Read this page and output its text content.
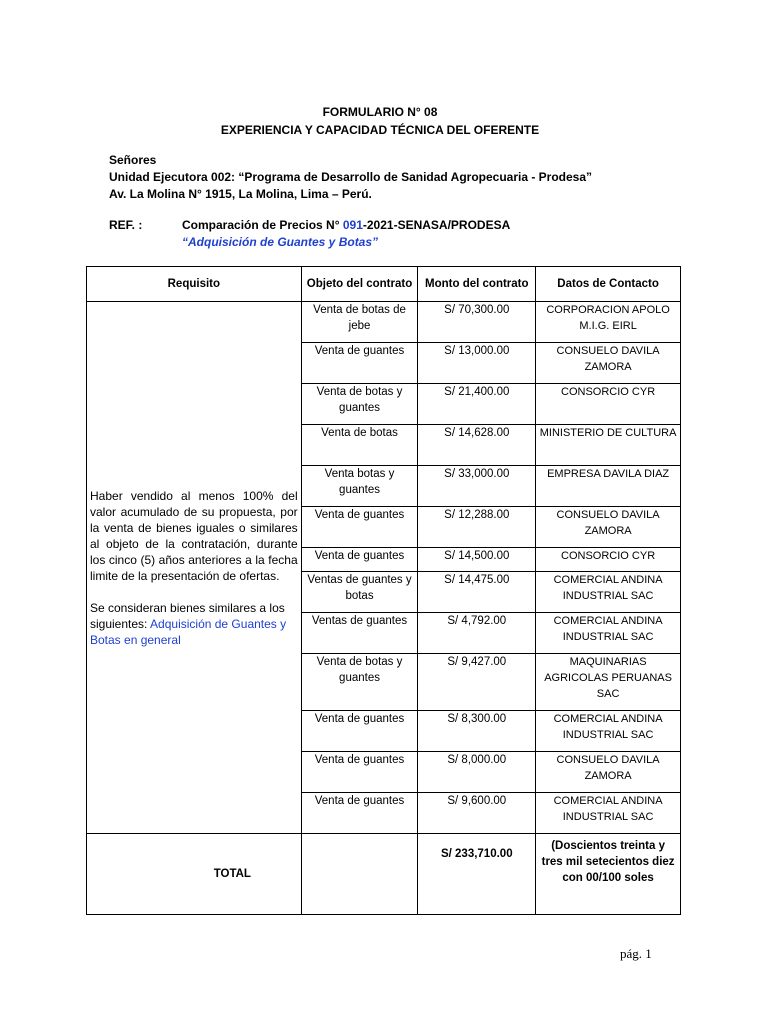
FORMULARIO N° 08
EXPERIENCIA Y CAPACIDAD TÉCNICA DEL OFERENTE
Señores
Unidad Ejecutora 002: “Programa de Desarrollo de Sanidad Agropecuaria - Prodesa”
Av. La Molina N° 1915, La Molina, Lima – Perú.
REF. :	Comparación de Precios N° 091-2021-SENASA/PRODESA
“Adquisición de Guantes y Botas”
Requisito	Objeto del contrato	Monto del contrato	Datos de Contacto

Haber vendido al menos 100% del valor acumulado de su propuesta, por la venta de bienes iguales o similares al objeto de la contratación, durante los cinco (5) años anteriores a la fecha limite de la presentación de ofertas.

Se consideran bienes similares a los siguientes: Adquisición de Guantes y Botas en general	Venta de botas de jebe	S/ 70,300.00	CORPORACION APOLO M.I.G. EIRL
	Venta de guantes	S/ 13,000.00	CONSUELO DAVILA ZAMORA
	Venta de botas y guantes	S/ 21,400.00	CONSORCIO CYR
	Venta de botas	S/ 14,628.00	MINISTERIO DE CULTURA
	Venta botas y guantes	S/ 33,000.00	EMPRESA DAVILA DIAZ
	Venta de guantes	S/ 12,288.00	CONSUELO DAVILA ZAMORA
	Venta de guantes	S/ 14,500.00	CONSORCIO CYR
	Ventas de guantes y botas	S/ 14,475.00	COMERCIAL ANDINA INDUSTRIAL SAC
	Ventas de guantes	S/ 4,792.00	COMERCIAL ANDINA INDUSTRIAL SAC
	Venta de botas y guantes	S/ 9,427.00	MAQUINARIAS AGRICOLAS PERUANAS SAC
	Venta de guantes	S/ 8,300.00	COMERCIAL ANDINA INDUSTRIAL SAC
	Venta de guantes	S/ 8,000.00	CONSUELO DAVILA ZAMORA
	Venta de guantes	S/ 9,600.00	COMERCIAL ANDINA INDUSTRIAL SAC
TOTAL		S/ 233,710.00	(Doscientos treinta y tres mil setecientos diez con 00/100 soles
pág. 1
